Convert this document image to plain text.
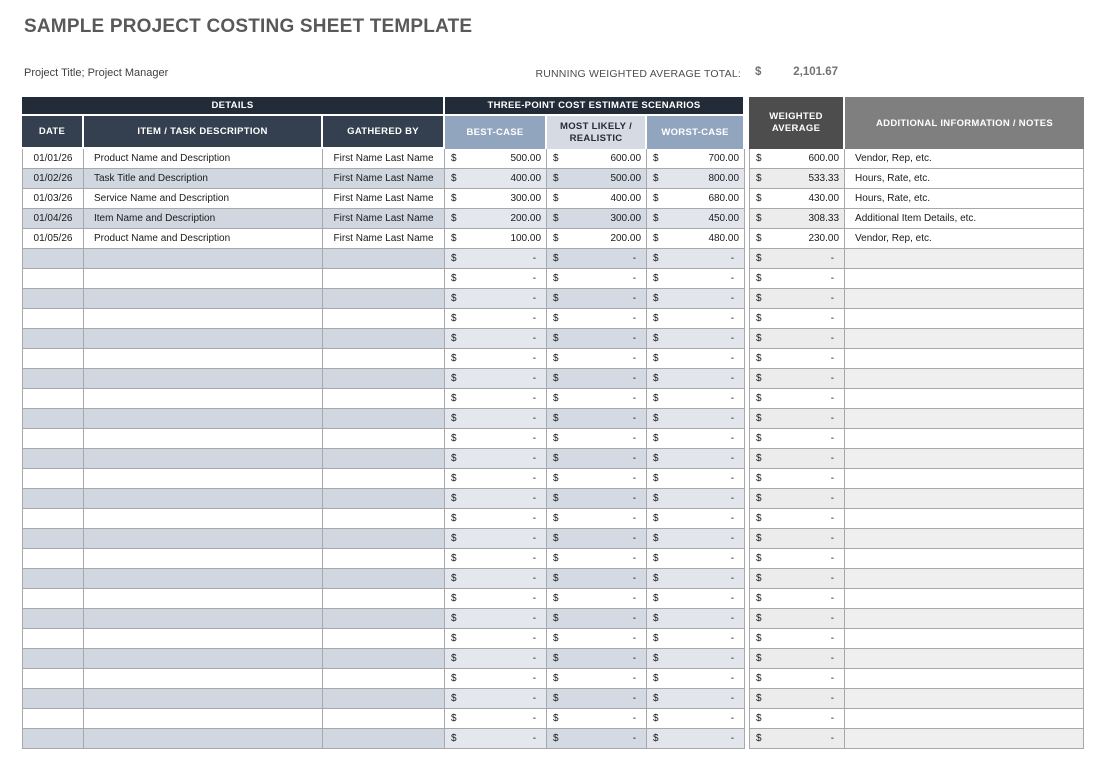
SAMPLE PROJECT COSTING SHEET TEMPLATE
Project Title; Project Manager	RUNNING WEIGHTED AVERAGE TOTAL: $	2,101.67
DETAILS			THREE-POINT COST ESTIMATE SCENARIOS				WEIGHTED AVERAGE	ADDITIONAL INFORMATION / NOTES
DATE	ITEM / TASK DESCRIPTION	GATHERED BY	BEST-CASE	MOST LIKELY / REALISTIC	WORST-CASE			
01/01/26	Product Name and Description	First Name Last Name	$ 500.00	$ 600.00	$ 700.00		$ 600.00	Vendor, Rep, etc.
01/02/26	Task Title and Description	First Name Last Name	$ 400.00	$ 500.00	$ 800.00		$ 533.33	Hours, Rate, etc.
01/03/26	Service Name and Description	First Name Last Name	$ 300.00	$ 400.00	$ 680.00		$ 430.00	Hours, Rate, etc.
01/04/26	Item Name and Description	First Name Last Name	$ 200.00	$ 300.00	$ 450.00		$ 308.33	Additional Item Details, etc.
01/05/26	Product Name and Description	First Name Last Name	$ 100.00	$ 200.00	$ 480.00		$ 230.00	Vendor, Rep, etc.

			$ -	$ -	$ -		$ -	

			$ -	$ -	$ -		$ -	

			$ -	$ -	$ -		$ -	

			$ -	$ -	$ -		$ -	

			$ -	$ -	$ -		$ -	

			$ -	$ -	$ -		$ -	

			$ -	$ -	$ -		$ -	

			$ -	$ -	$ -		$ -	

			$ -	$ -	$ -		$ -	

			$ -	$ -	$ -		$ -	

			$ -	$ -	$ -		$ -	

			$ -	$ -	$ -		$ -	

			$ -	$ -	$ -		$ -	

			$ -	$ -	$ -		$ -	

			$ -	$ -	$ -		$ -	

			$ -	$ -	$ -		$ -	

			$ -	$ -	$ -		$ -	

			$ -	$ -	$ -		$ -	

			$ -	$ -	$ -		$ -	

			$ -	$ -	$ -		$ -	

			$ -	$ -	$ -		$ -	

			$ -	$ -	$ -		$ -	

			$ -	$ -	$ -		$ -	

			$ -	$ -	$ -		$ -	

			$ -	$ -	$ -		$ -	
